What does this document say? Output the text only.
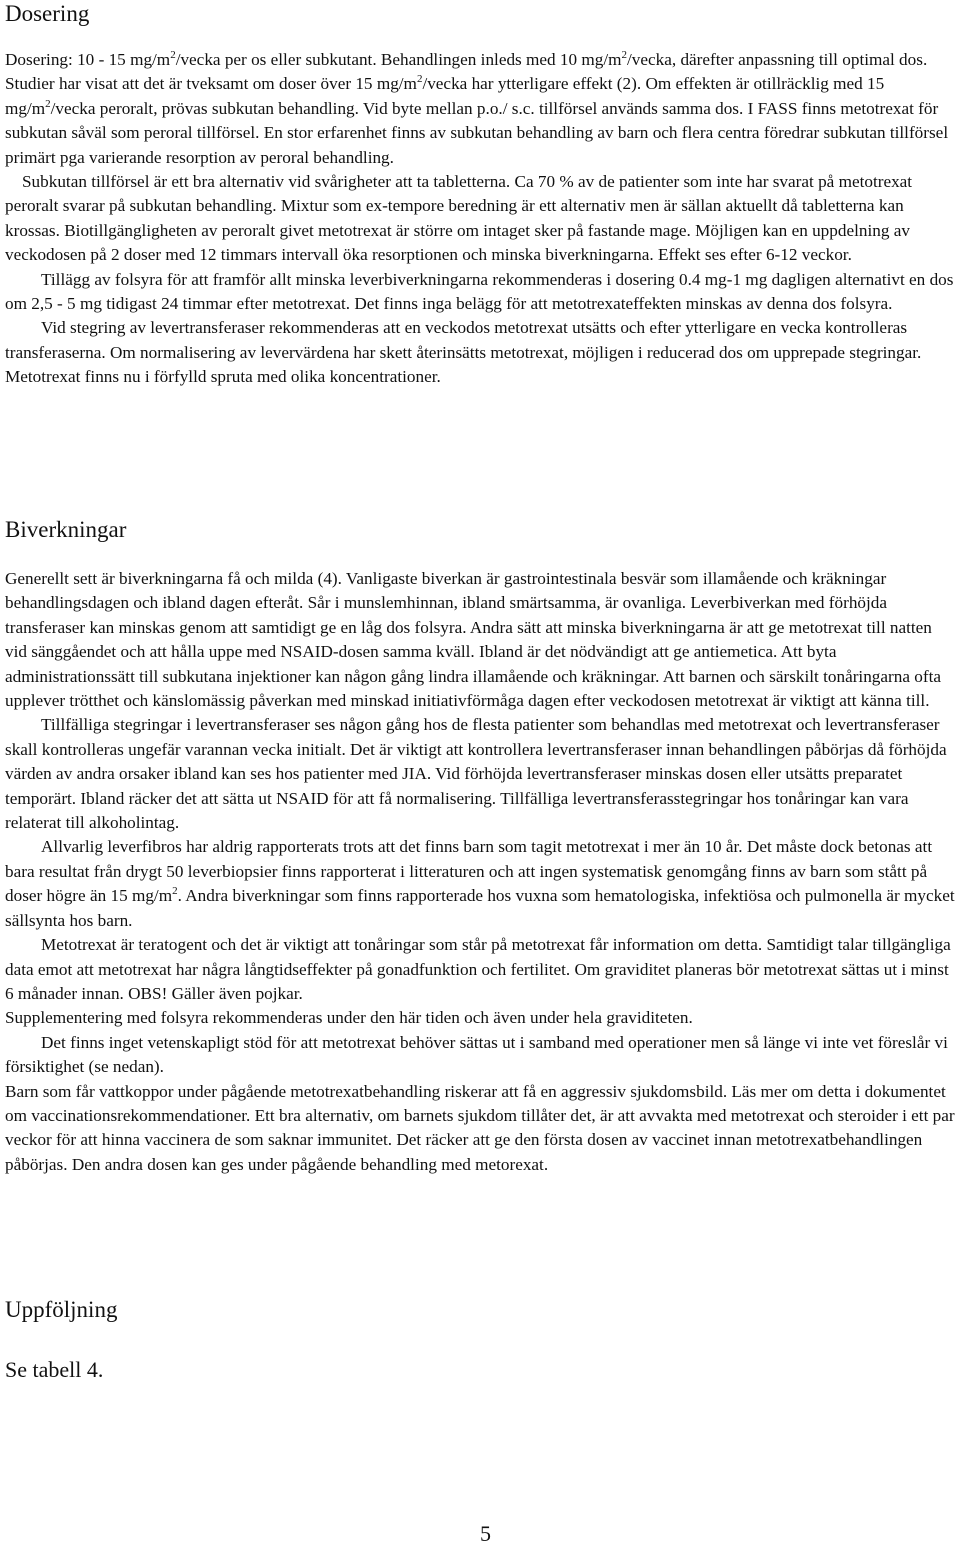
Dosering

Dosering: 10 - 15 $mg/m^2$/vecka per os eller subkutant. Behandlingen inleds med 10 $mg/m^2$/vecka, därefter anpassning till optimal dos. Studier har visat att det är tveksamt om doser över 15 $mg/m^2$/vecka har ytterligare effekt (2). Om effekten är otillräcklig med 15 $mg/m^2$/vecka peroralt, prövas subkutan behandling. Vid byte mellan p.o./ s.c. tillförsel används samma dos. I FASS finns metotrexat för subkutan såväl som peroral tillförsel. En stor erfarenhet finns av subkutan behandling av barn och flera centra föredrar subkutan tillförsel primärt pga varierande resorption av peroral behandling.

Subkutan tillförsel är ett bra alternativ vid svårigheter att ta tabletterna. Ca 70 % av de patienter som inte har svarat på metotrexat peroralt svarar på subkutan behandling. Mixtur som ex-tempore beredning är ett alternativ men är sällan aktuellt då tabletterna kan krossas. Biotillgängligheten av peroralt givet metotrexat är större om intaget sker på fastande mage. Möjligen kan en uppdelning av veckodosen på 2 doser med 12 timmars intervall öka resorptionen och minska biverkningarna. Effekt ses efter 6-12 veckor.

Tillägg av folsyra för att framför allt minska leverbiverkningarna rekommenderas i dosering 0.4 mg-1 mg dagligen alternativt en dos om 2,5 - 5 mg tidigast 24 timmar efter metotrexat. Det finns inga belägg för att metotrexateffekten minskas av denna dos folsyra.

Vid stegring av levertransferaser rekommenderas att en veckodos metotrexat utsätts och efter ytterligare en vecka kontrolleras transferaserna. Om normalisering av levervärdena har skett återinsätts metotrexat, möjligen i reducerad dos om upprepade stegringar.

Metotrexat finns nu i förfylld spruta med olika koncentrationer.

Biverkningar

Generellt sett är biverkningarna få och milda (4). Vanligaste biverkan är gastrointestinala besvär som illamående och kräkningar behandlingsdagen och ibland dagen efteråt. Sår i munslemhinnan, ibland smärtsamma, är ovanliga. Leverbiverkan med förhöjda transferaser kan minskas genom att samtidigt ge en låg dos folsyra. Andra sätt att minska biverkningarna är att ge metotrexat till natten vid sänggåendet och att hålla uppe med NSAID-dosen samma kväll. Ibland är det nödvändigt att ge antiemetica. Att byta administrationssätt till subkutana injektioner kan någon gång lindra illamående och kräkningar. Att barnen och särskilt tonåringarna ofta upplever trötthet och känslomässig påverkan med minskad initiativförmåga dagen efter veckodosen metotrexat är viktigt att känna till.

Tillfälliga stegringar i levertransferaser ses någon gång hos de flesta patienter som behandlas med metotrexat och levertransferaser skall kontrolleras ungefär varannan vecka initialt. Det är viktigt att kontrollera levertransferaser innan behandlingen påbörjas då förhöjda värden av andra orsaker ibland kan ses hos patienter med JIA. Vid förhöjda levertransferaser minskas dosen eller utsätts preparatet temporärt. Ibland räcker det att sätta ut NSAID för att få normalisering. Tillfälliga levertransferasstegringar hos tonåringar kan vara relaterat till alkoholintag.

Allvarlig leverfibros har aldrig rapporterats trots att det finns barn som tagit metotrexat i mer än 10 år. Det måste dock betonas att bara resultat från drygt 50 leverbiopsier finns rapporterat i litteraturen och att ingen systematisk genomgång finns av barn som stått på doser högre än 15 $mg/m^2$. Andra biverkningar som finns rapporterade hos vuxna som hematologiska, infektiösa och pulmonella är mycket sällsynta hos barn.

Metotrexat är teratogent och det är viktigt att tonåringar som står på metotrexat får information om detta. Samtidigt talar tillgängliga data emot att metotrexat har några långtidseffekter på gonadfunktion och fertilitet. Om graviditet planeras bör metotrexat sättas ut i minst 6 månader innan. OBS! Gäller även pojkar.

Supplementering med folsyra rekommenderas under den här tiden och även under hela graviditeten.

Det finns inget vetenskapligt stöd för att metotrexat behöver sättas ut i samband med operationer men så länge vi inte vet föreslår vi försiktighet (se nedan).

Barn som får vattkoppor under pågående metotrexatbehandling riskerar att få en aggressiv sjukdomsbild. Läs mer om detta i dokumentet om vaccinationsrekommendationer. Ett bra alternativ, om barnets sjukdom tillåter det, är att avvakta med metotrexat och steroider i ett par veckor för att hinna vaccinera de som saknar immunitet. Det räcker att ge den första dosen av vaccinet innan metotrexatbehandlingen påbörjas. Den andra dosen kan ges under pågående behandling med metorexat.

Uppföljning
Se tabell 4.
5
